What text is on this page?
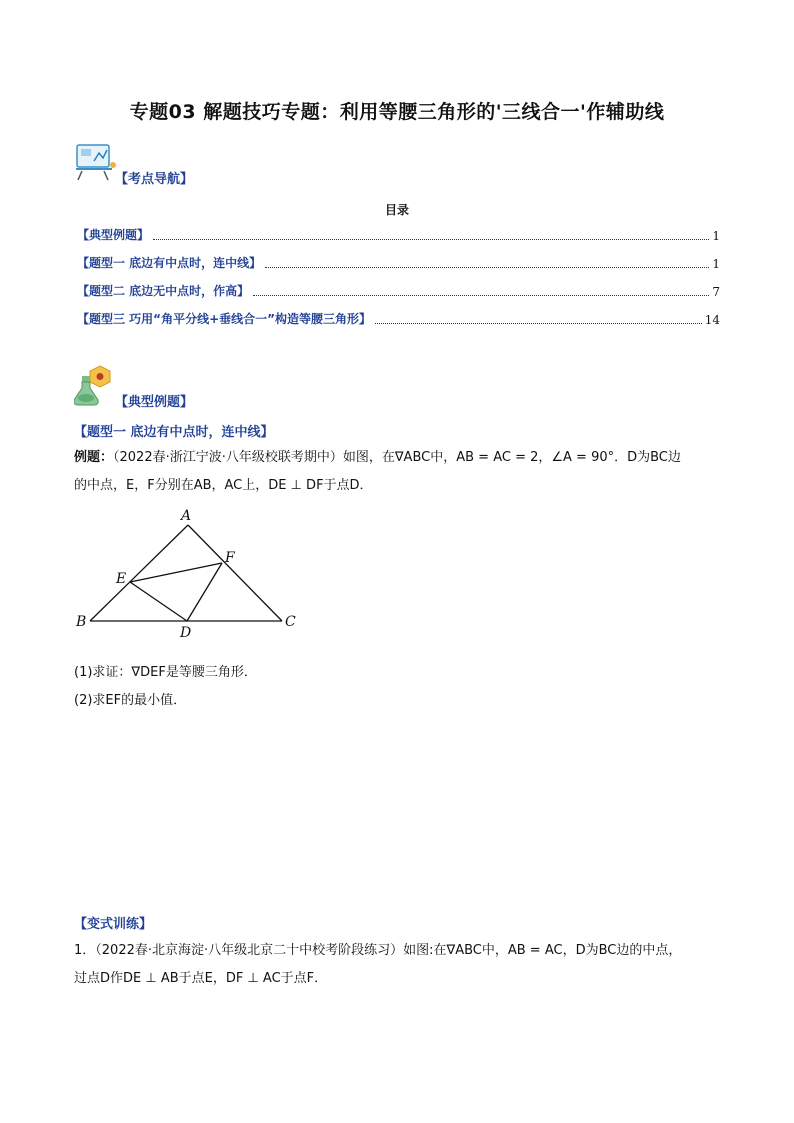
专题03 解题技巧专题：利用等腰三角形的'三线合一'作辅助线
【考点导航】
目录
【典型例题】	1
【题型一 底边有中点时，连中线】	1
【题型二 底边无中点时，作高】	7
【题型三 巧用“角平分线+垂线合一”构造等腰三角形】	14
【典型例题】
【题型一 底边有中点时，连中线】
例题：（2022春·浙江宁波·八年级校联考期中）如图，在∇ABC中，AB = AC = 2，∠A = 90°．D为BC边
的中点，E，F分别在AB，AC上，DE ⊥ DF于点D．
A
B	C
D
E
F
(1)求证：∇DEF是等腰三角形．
(2)求EF的最小值．
【变式训练】
1．（2022春·北京海淀·八年级北京二十中校考阶段练习）如图:在∇ABC中，AB = AC，D为BC边的中点，
过点D作DE ⊥ AB于点E，DF ⊥ AC于点F．
